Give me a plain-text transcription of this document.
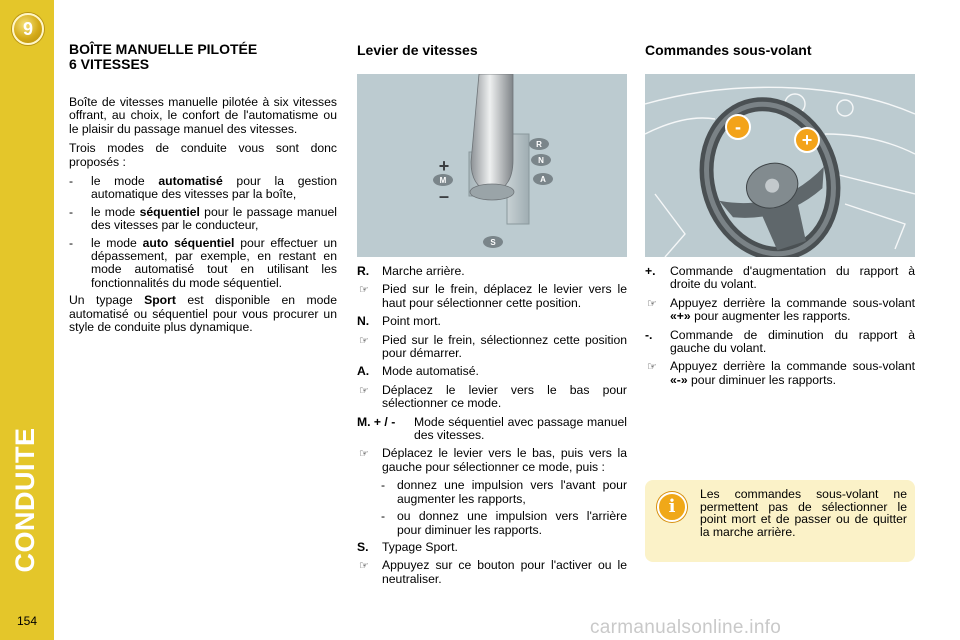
9
CONDUITE
154
BOÎTE MANUELLE PILOTÉE
6 VITESSES

Boîte de vitesses manuelle pilotée à six vitesses offrant, au choix, le confort de l'automatisme ou le plaisir du passage manuel des vitesses.

Trois modes de conduite vous sont donc proposés :

- le mode automatisé pour la gestion automatique des vitesses par la boîte,
- le mode séquentiel pour le passage manuel des vitesses par le conducteur,
- le mode auto séquentiel pour effectuer un dépassement, par exemple, en restant en mode automatisé tout en utilisant les fonctionnalités du mode séquentiel.

Un typage Sport est disponible en mode automatisé ou séquentiel pour vous procurer un style de conduite plus dynamique.

Levier de vitesses
R
N
A
M
S
+
–
R. Marche arrière.
☞ Pied sur le frein, déplacez le levier vers le haut pour sélectionner cette position.
N. Point mort.
☞ Pied sur le frein, sélectionnez cette position pour démarrer.
A. Mode automatisé.
☞ Déplacez le levier vers le bas pour sélectionner ce mode.
M. + / - Mode séquentiel avec passage manuel des vitesses.
☞ Déplacez le levier vers le bas, puis vers la gauche pour sélectionner ce mode, puis :
- donnez une impulsion vers l'avant pour augmenter les rapports,
- ou donnez une impulsion vers l'arrière pour diminuer les rapports.
S. Typage Sport.
☞ Appuyez sur ce bouton pour l'activer ou le neutraliser.
Commandes sous-volant
-
+
+. Commande d'augmentation du rapport à droite du volant.
☞ Appuyez derrière la commande sous-volant «+» pour augmenter les rapports.
-. Commande de diminution du rapport à gauche du volant.
☞ Appuyez derrière la commande sous-volant «-» pour diminuer les rapports.
i
Les commandes sous-volant ne permettent pas de sélectionner le point mort et de passer ou de quitter la marche arrière.
carmanualsonline.info
